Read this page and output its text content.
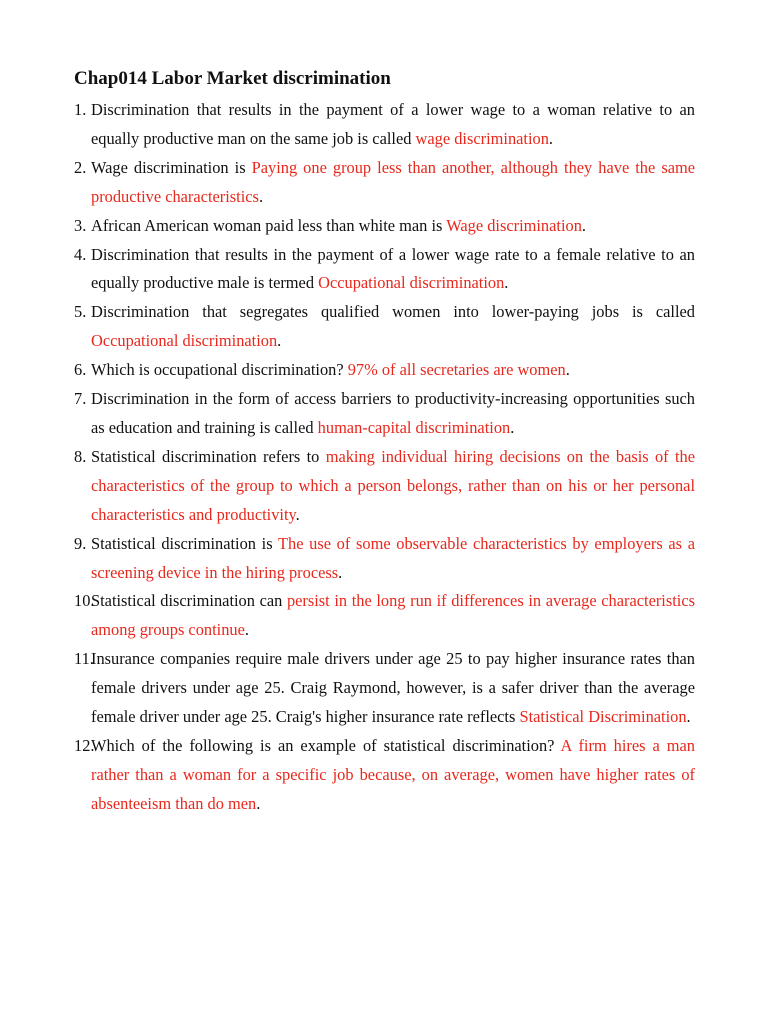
Chap014 Labor Market discrimination
1. Discrimination that results in the payment of a lower wage to a woman relative to an equally productive man on the same job is called wage discrimination.
2. Wage discrimination is Paying one group less than another, although they have the same productive characteristics.
3. African American woman paid less than white man is Wage discrimination.
4. Discrimination that results in the payment of a lower wage rate to a female relative to an equally productive male is termed Occupational discrimination.
5. Discrimination that segregates qualified women into lower-paying jobs is called Occupational discrimination.
6. Which is occupational discrimination? 97% of all secretaries are women.
7. Discrimination in the form of access barriers to productivity-increasing opportunities such as education and training is called human-capital discrimination.
8. Statistical discrimination refers to making individual hiring decisions on the basis of the characteristics of the group to which a person belongs, rather than on his or her personal characteristics and productivity.
9. Statistical discrimination is The use of some observable characteristics by employers as a screening device in the hiring process.
10.
Statistical discrimination can persist in the long run if differences in average characteristics among groups continue.
11.
Insurance companies require male drivers under age 25 to pay higher insurance rates than female drivers under age 25. Craig Raymond, however, is a safer driver than the average female driver under age 25. Craig's higher insurance rate reflects Statistical Discrimination.
12.
Which of the following is an example of statistical discrimination? A firm hires a man rather than a woman for a specific job because, on average, women have higher rates of absenteeism than do men.
